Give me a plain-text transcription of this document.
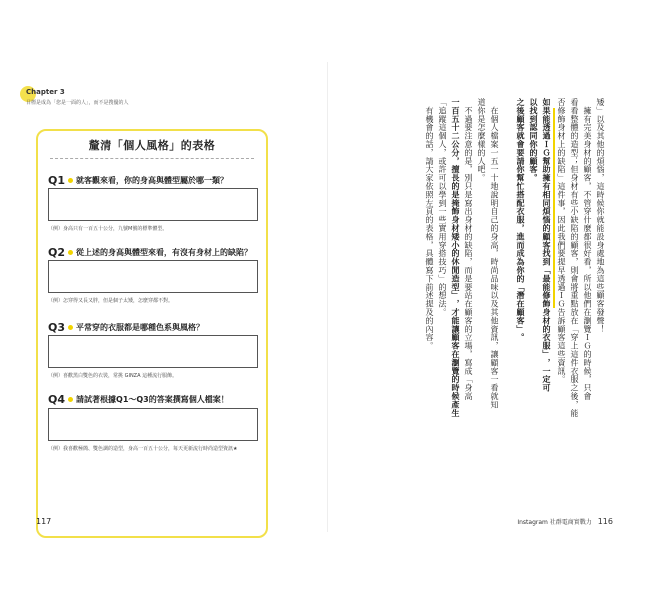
Chapter 3
目標是成為「您是一面的人」，而不是搜優的人
釐清「個人風格」的表格
Q1 就客觀來看，你的身高與體型屬於哪一類？
（例）身高只有一百五十公分，九號M號的標準體型。
Q2 從上述的身高與體型來看，有沒有身材上的缺陷？
（例）怎穿得又長又胖，但是個子太矮，怎麼穿都不對。
Q3 平常穿的衣服都是哪種色系與風格？
（例）喜歡黑白雙色的衣裝，常挑 GINZA 這種流行服飾。
Q4 請試著根據Q1～Q3的答案撰寫個人檔案！
（例）我喜歡極簡、雙色調的造型，身高一百五十公分，每天更新流行時尚造型資訊★
117
矮」以及其他的煩惱，這時候你就能設身處地為這些顧客發聲！
　擁有完美身材的顧客，不管穿什麼都很好看，所以他們在瀏覽ＩＧ的時候，只會
看看整體的造型；但身材有些小缺陷的顧客，則會將重點放在「穿上這件衣服之後，能
否修飾身材上的缺陷」這件事，因此我們要提早透過ＩＧ告訴顧客這些資訊。
如果能透過ＩＧ幫助擁有相同煩惱的顧客找到「最能修飾身材的衣服」，一定可
以找到認同你的顧客。
之後顧客就會要請你幫忙搭配衣服，進而成為你的「潛在顧客」。
　在個人檔案一五一十地說明自己的身高，時尚品味以及其他資訊，讓顧客一看就知
道你是怎麼樣的人吧。
　不過要注意的是，別只是寫出身材的缺陷，而是要站在顧客的立場，寫成「身高
一百五十二公分，擅長的是掩飾身材矮小的休閒造型」，才能讓顧客在瀏覽的時候產生
「追蹤這個人，或許可以學到一些實用穿搭技巧」的想法。
　有機會的話，請大家依照左頁的表格，具體寫下前述提及的內容。
Instagram 社群電商實戰力 116
